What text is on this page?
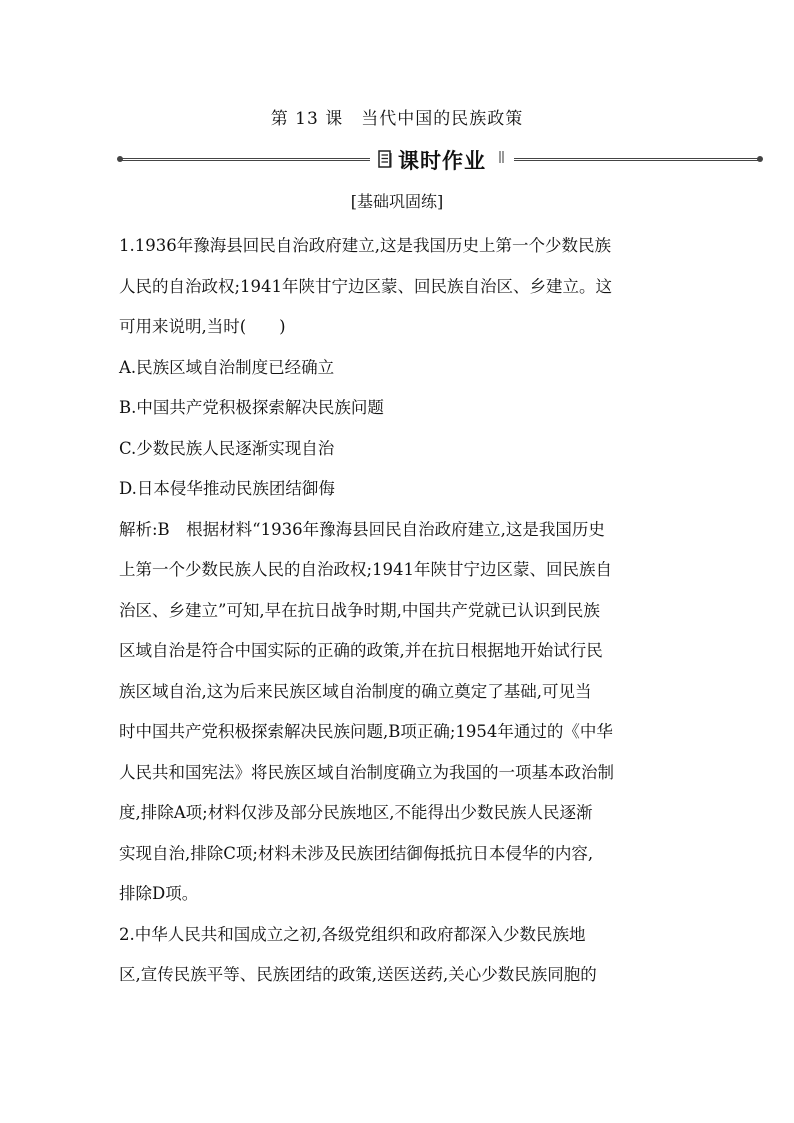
第 13 课　当代中国的民族政策
课时作业
[基础巩固练]

1.1936年豫海县回民自治政府建立,这是我国历史上第一个少数民族

人民的自治政权;1941年陕甘宁边区蒙、回民族自治区、乡建立。这

可用来说明,当时(　　)

A.民族区域自治制度已经确立

B.中国共产党积极探索解决民族问题

C.少数民族人民逐渐实现自治

D.日本侵华推动民族团结御侮

解析:B　根据材料“1936年豫海县回民自治政府建立,这是我国历史

上第一个少数民族人民的自治政权;1941年陕甘宁边区蒙、回民族自

治区、乡建立”可知,早在抗日战争时期,中国共产党就已认识到民族

区域自治是符合中国实际的正确的政策,并在抗日根据地开始试行民

族区域自治,这为后来民族区域自治制度的确立奠定了基础,可见当

时中国共产党积极探索解决民族问题,B项正确;1954年通过的《中华

人民共和国宪法》将民族区域自治制度确立为我国的一项基本政治制

度,排除A项;材料仅涉及部分民族地区,不能得出少数民族人民逐渐

实现自治,排除C项;材料未涉及民族团结御侮抵抗日本侵华的内容,

排除D项。

2.中华人民共和国成立之初,各级党组织和政府都深入少数民族地

区,宣传民族平等、民族团结的政策,送医送药,关心少数民族同胞的
